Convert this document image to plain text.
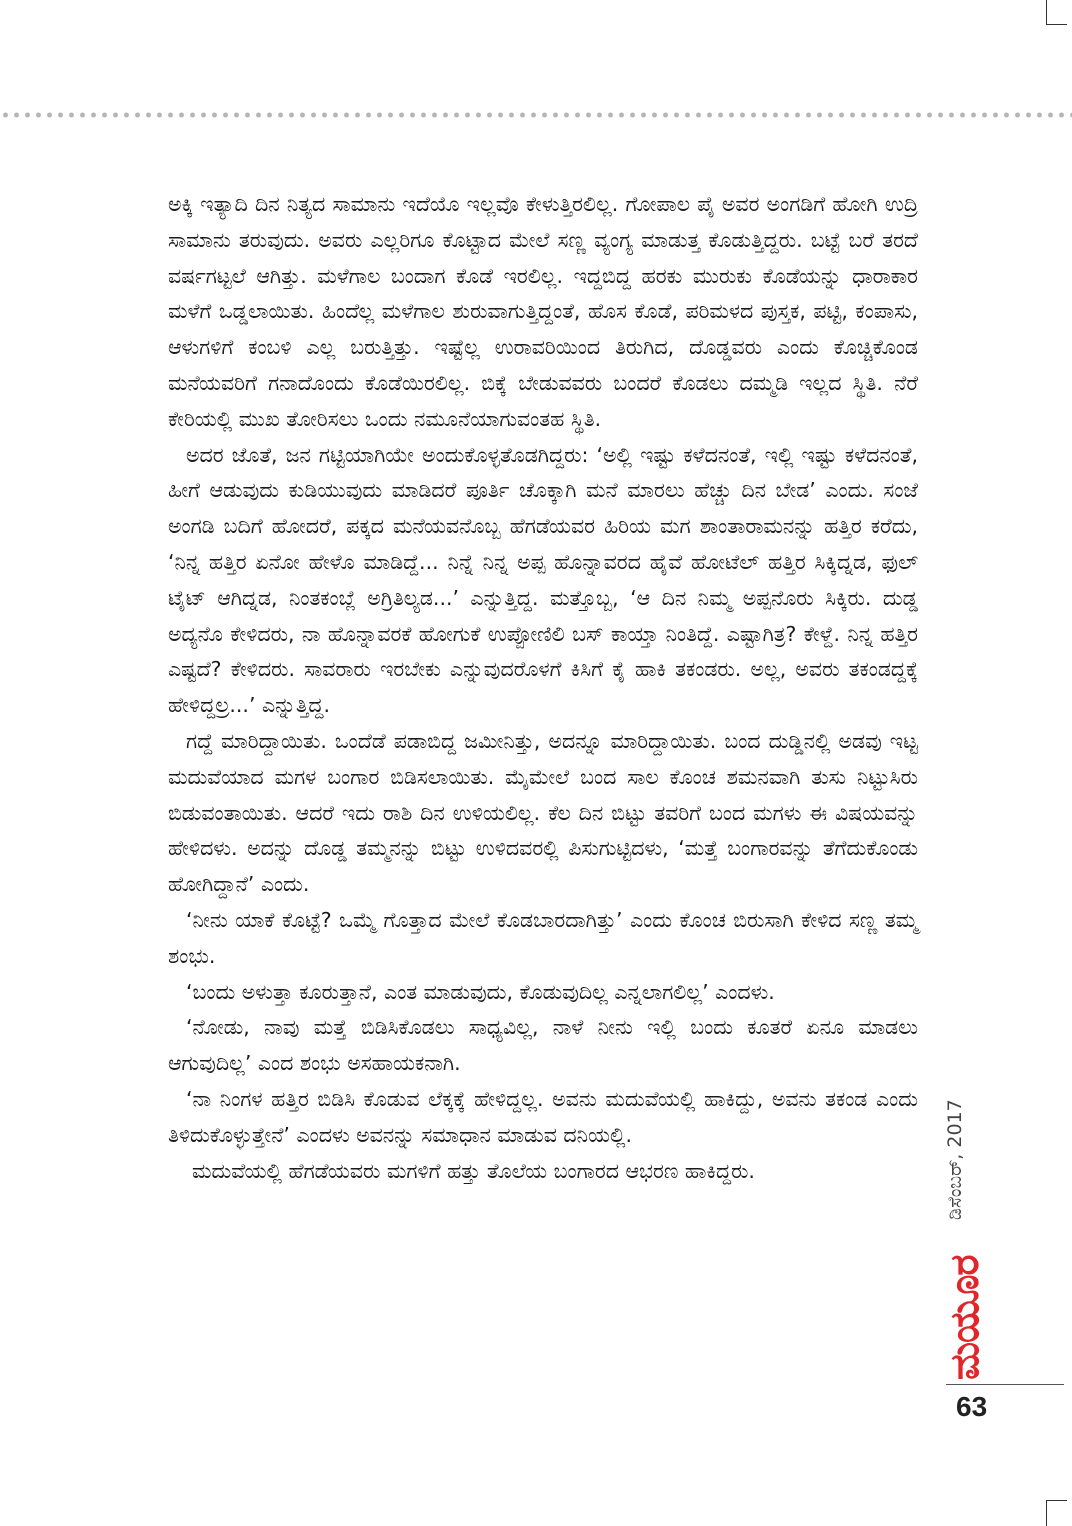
ಅಕ್ಕಿ ಇತ್ಯಾದಿ ದಿನ ನಿತ್ಯದ ಸಾಮಾನು ಇದೆಯೊ ಇಲ್ಲವೊ ಕೇಳುತ್ತಿರಲಿಲ್ಲ. ಗೋಪಾಲ ಪೈ ಅವರ ಅಂಗಡಿಗೆ ಹೋಗಿ ಉದ್ರಿ ಸಾಮಾನು ತರುವುದು. ಅವರು ಎಲ್ಲರಿಗೂ ಕೊಟ್ಟಾದ ಮೇಲೆ ಸಣ್ಣ ವ್ಯಂಗ್ಯ ಮಾಡುತ್ತ ಕೊಡುತ್ತಿದ್ದರು. ಬಟ್ಟೆ ಬರೆ ತರದೆ ವರ್ಷಗಟ್ಟಲೆ ಆಗಿತ್ತು. ಮಳೆಗಾಲ ಬಂದಾಗ ಕೊಡೆ ಇರಲಿಲ್ಲ. ಇದ್ದಬಿದ್ದ ಹರಕು ಮುರುಕು ಕೊಡೆಯನ್ನು ಧಾರಾಕಾರ ಮಳೆಗೆ ಒಡ್ಡಲಾಯಿತು. ಹಿಂದೆಲ್ಲ ಮಳೆಗಾಲ ಶುರುವಾಗುತ್ತಿದ್ದಂತೆ, ಹೊಸ ಕೊಡೆ, ಪರಿಮಳದ ಪುಸ್ತಕ, ಪಟ್ಟಿ, ಕಂಪಾಸು, ಆಳುಗಳಿಗೆ ಕಂಬಳಿ ಎಲ್ಲ ಬರುತ್ತಿತ್ತು. ಇಷ್ಟೆಲ್ಲ ಉರಾವರಿಯಿಂದ ತಿರುಗಿದ, ದೊಡ್ಡವರು ಎಂದು ಕೊಚ್ಚಿಕೊಂಡ ಮನೆಯವರಿಗೆ ಗನಾದೊಂದು ಕೊಡೆಯಿರಲಿಲ್ಲ. ಬಿಕ್ಕೆ ಬೇಡುವವರು ಬಂದರೆ ಕೊಡಲು ದಮ್ಮಡಿ ಇಲ್ಲದ ಸ್ಥಿತಿ. ನೆರೆ ಕೇರಿಯಲ್ಲಿ ಮುಖ ತೋರಿಸಲು ಒಂದು ನಮೂನೆಯಾಗುವಂತಹ ಸ್ಥಿತಿ.

ಅದರ ಜೊತೆ, ಜನ ಗಟ್ಟಿಯಾಗಿಯೇ ಅಂದುಕೊಳ್ಳತೊಡಗಿದ್ದರು: ‘ಅಲ್ಲಿ ಇಷ್ಟು ಕಳೆದನಂತೆ, ಇಲ್ಲಿ ಇಷ್ಟು ಕಳೆದನಂತೆ, ಹೀಗೆ ಆಡುವುದು ಕುಡಿಯುವುದು ಮಾಡಿದರೆ ಪೂರ್ತಿ ಚೊಕ್ಕಾಗಿ ಮನೆ ಮಾರಲು ಹೆಚ್ಚು ದಿನ ಬೇಡ’ ಎಂದು. ಸಂಜೆ ಅಂಗಡಿ ಬದಿಗೆ ಹೋದರೆ, ಪಕ್ಕದ ಮನೆಯವನೊಬ್ಬ ಹೆಗಡೆಯವರ ಹಿರಿಯ ಮಗ ಶಾಂತಾರಾಮನನ್ನು ಹತ್ತಿರ ಕರೆದು, ‘ನಿನ್ನ ಹತ್ತಿರ ಏನೋ ಹೇಳೊ ಮಾಡಿದ್ದೆ... ನಿನ್ನೆ ನಿನ್ನ ಅಪ್ಪ ಹೊನ್ನಾವರದ ಹೈವೆ ಹೋಟೆಲ್ ಹತ್ತಿರ ಸಿಕ್ಕಿದ್ನಡ, ಫುಲ್ ಟೈಟ್ ಆಗಿದ್ನಡ, ನಿಂತಕಂಬ್ಲೆ ಅಗ್ರಿತಿಲ್ಯಡ...’ ಎನ್ನುತ್ತಿದ್ದ. ಮತ್ತೊಬ್ಬ, ‘ಆ ದಿನ ನಿಮ್ಮ ಅಪ್ಪನೊರು ಸಿಕ್ಕಿರು. ದುಡ್ಡ ಅದ್ಯನೊ ಕೇಳಿದರು, ನಾ ಹೊನ್ನಾವರಕೆ ಹೋಗುಕೆ ಉಪ್ಪೋಣಿಲಿ ಬಸ್ ಕಾಯ್ತಾ ನಿಂತಿದ್ದೆ. ಎಷ್ಟಾಗಿತ್ರ? ಕೇಳ್ದೆ. ನಿನ್ನ ಹತ್ತಿರ ಎಷ್ಟದೆ? ಕೇಳಿದರು. ಸಾವರಾರು ಇರಬೇಕು ಎನ್ನುವುದರೊಳಗೆ ಕಿಸಿಗೆ ಕೈ ಹಾಕಿ ತಕಂಡರು. ಅಲ್ಲ, ಅವರು ತಕಂಡದ್ದಕ್ಕೆ ಹೇಳಿದ್ದಲ್ರ...’ ಎನ್ನುತ್ತಿದ್ದ.

ಗದ್ದೆ ಮಾರಿದ್ದಾಯಿತು. ಒಂದೆಡೆ ಪಡಾಬಿದ್ದ ಜಮೀನಿತ್ತು, ಅದನ್ನೂ ಮಾರಿದ್ದಾಯಿತು. ಬಂದ ದುಡ್ಡಿನಲ್ಲಿ ಅಡವು ಇಟ್ಟ ಮದುವೆಯಾದ ಮಗಳ ಬಂಗಾರ ಬಿಡಿಸಲಾಯಿತು. ಮೈಮೇಲೆ ಬಂದ ಸಾಲ ಕೊಂಚ ಶಮನವಾಗಿ ತುಸು ನಿಟ್ಟುಸಿರು ಬಿಡುವಂತಾಯಿತು. ಆದರೆ ಇದು ರಾಶಿ ದಿನ ಉಳಿಯಲಿಲ್ಲ. ಕೆಲ ದಿನ ಬಿಟ್ಟು ತವರಿಗೆ ಬಂದ ಮಗಳು ಈ ವಿಷಯವನ್ನು ಹೇಳಿದಳು. ಅದನ್ನು ದೊಡ್ಡ ತಮ್ಮನನ್ನು ಬಿಟ್ಟು ಉಳಿದವರಲ್ಲಿ ಪಿಸುಗುಟ್ಟಿದಳು, ‘ಮತ್ತೆ ಬಂಗಾರವನ್ನು ತೆಗೆದುಕೊಂಡು ಹೋಗಿದ್ದಾನೆ’ ಎಂದು.

‘ನೀನು ಯಾಕೆ ಕೊಟ್ಟೆ? ಒಮ್ಮೆ ಗೊತ್ತಾದ ಮೇಲೆ ಕೊಡಬಾರದಾಗಿತ್ತು’ ಎಂದು ಕೊಂಚ ಬಿರುಸಾಗಿ ಕೇಳಿದ ಸಣ್ಣ ತಮ್ಮ ಶಂಭು.

‘ಬಂದು ಅಳುತ್ತಾ ಕೂರುತ್ತಾನೆ, ಎಂತ ಮಾಡುವುದು, ಕೊಡುವುದಿಲ್ಲ ಎನ್ನಲಾಗಲಿಲ್ಲ’ ಎಂದಳು.

‘ನೋಡು, ನಾವು ಮತ್ತೆ ಬಿಡಿಸಿಕೊಡಲು ಸಾಧ್ಯವಿಲ್ಲ, ನಾಳೆ ನೀನು ಇಲ್ಲಿ ಬಂದು ಕೂತರೆ ಏನೂ ಮಾಡಲು ಆಗುವುದಿಲ್ಲ’ ಎಂದ ಶಂಭು ಅಸಹಾಯಕನಾಗಿ.

‘ನಾ ನಿಂಗಳ ಹತ್ತಿರ ಬಿಡಿಸಿ ಕೊಡುವ ಲೆಕ್ಕಕ್ಕೆ ಹೇಳಿದ್ದಲ್ಲ. ಅವನು ಮದುವೆಯಲ್ಲಿ ಹಾಕಿದ್ದು, ಅವನು ತಕಂಡ ಎಂದು ತಿಳಿದುಕೊಳ್ಳುತ್ತೇನೆ’ ಎಂದಳು ಅವನನ್ನು ಸಮಾಧಾನ ಮಾಡುವ ದನಿಯಲ್ಲಿ.

ಮದುವೆಯಲ್ಲಿ ಹೆಗಡೆಯವರು ಮಗಳಿಗೆ ಹತ್ತು ತೊಲೆಯ ಬಂಗಾರದ ಆಭರಣ ಹಾಕಿದ್ದರು.	ಡಿಸೆಂಬರ್, 2017
ಮಯೂರ
63
